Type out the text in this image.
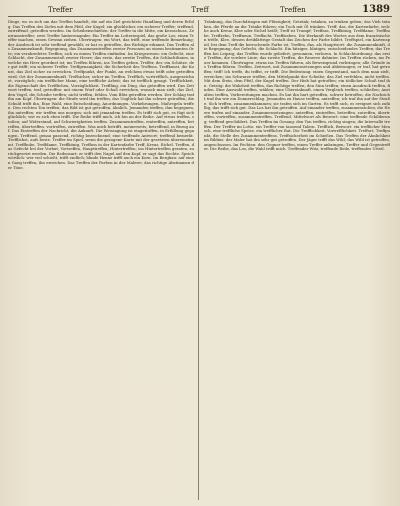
Treffer	Treff	Treffen	1389
Dinge, wo es sich um das Treffen handelt; die auf ein Ziel gerichtete Handlung und deren Erfolg. Das Treffen des Zieles mit dem Pfeil, der Kugel; ein glücklicher, ein sicherer Treffer; treffend, zutreffend, getroffen werden. Im Scheibenschießen: der Treffer in die Mitte, ein Kernschuss, Zentrumstreffer; zwei Treffer hintereinander. Ein Treffer im Lotteriespiel, das große Los; einen Treffer machen, einen Gewinn ziehen. Übertragen: ein Wort, das trifft, eine treffende Bemerkung; der Ausdruck ist sehr treffend gewählt; er hat es getroffen, das Richtige erkannt. Das Treffen als Zusammenkunft, Begegnung, das Zusammentreffen zweier Personen an einem bestimmten Orte; ein verabredetes Treffen; sich zu einem Treffen einfinden. Im Kriegswesen: ein Gefecht, eine Schlacht, der Zusammenstoß zweier Heere; das erste, das zweite Treffen, die Schlachtlinien, in welche ein Heer geordnet ist; ins Treffen führen, ins Treffen gehen. Treffer, der, ein Schütze, der gut trifft; ein sicherer Treffer. Treffgenauigkeit, die Sicherheit des Treffens. Treffkunst, die Kunst, das Ziel sicher zu erreichen. Treffpunkt, der Punkt, an welchem etwas trifft oder getroffen wird; Ort der Zusammenkunft. Treffsicher, sicher im Treffen. Trefflich, vortrefflich, ausgezeichnet, vorzüglich; ein trefflicher Mann, eine treffliche Arbeit; das ist trefflich gesagt. Trefflichkeit, die Eigenschaft des Trefflichen, Vorzüglichkeit. Treffling, ein Ding, das getroffen wird. Das Zeitwort treffen, traf, getroffen: mit einem Wurf oder Schuß erreichen, wonach man zielt; das Ziel, den Vogel, die Scheibe treffen; nicht treffen, fehlen. Vom Blitz getroffen werden. Der Schlag traf ihn am Kopf. Übertragen: die Strafe wird ihn treffen; das Unglück hat ihn schwer getroffen; die Schuld trifft ihn. Eine Wahl, eine Entscheidung, Anordnungen, Vorkehrungen, Maßregeln treffen. Den rechten Ton treffen; das Bild ist gut getroffen, ähnlich. Jemanden treffen, ihm begegnen, ihn antreffen; wir treffen uns morgen; sich mit jemandem treffen. Es trifft sich gut, es fügt sich glücklich; wie es sich eben trifft. Die Reihe trifft mich, ich bin an der Reihe. Auf etwas treffen, stoßen; auf Widerstand, auf Schwierigkeiten treffen. Zusammentreffen, eintreffen, antreffen, betreffen, übertreffen, vortreffen, zutreffen. Was mich betrifft, meinerseits; betreffend, in Bezug auf. Das Eintreffen der Nachricht, die Ankunft. Die Weissagung ist eingetroffen, in Erfüllung gegangen. Treffend, genau passend, richtig bezeichnend; eine treffende Antwort; treffend bemerkt. Trefflichst, aufs beste. Treffer im Spiel, wenn die gezogene Karte mit der gesetzten übereinstimmt. Treffbube, Treffdame, Treffkönig, Treffass in der Kartenfarbe Treff, Kreuz, Eichel. Treffen, das Gefecht bei der Vorhut; Vortreffen, Haupttreffen, Hintertreffen; ins Hintertreffen geraten, zurückgesetzt werden. Die Redensart: er trifft den Nagel auf den Kopf, er sagt das Rechte. Sprichwörtlich: wer viel schießt, trifft endlich; blinde Henne trifft auch ein Korn. Im Bergbau: auf einen Gang treffen, ihn erreichen. Das Treffen der Farben in der Malerei, das richtige Abstimmen der Töne.
Tränkung, das Durchdringen mit Flüssigkeit; Getränk; tränken, zu trinken geben; das Vieh tränken, die Pferde an die Tränke führen; ein Tuch mit Öl tränken. Treff, das, die Kartenfarbe, welche auch Kreuz, Klee oder Eichel heißt; Treff ist Trumpf; Treffass, Treffkönig, Treffdame, Treffbube, Treffzehn, Treffneun, Treffacht, Treffsieben. Die Herkunft des Wortes aus dem französischen trèfle, Klee, dessen dreiblättrige Gestalt das Zeichen der Farbe bildet. Treffspiel, ein Kartenspiel, bei dem Treff die herrschende Farbe ist. Treffen, das, als Hauptwort: die Zusammenkunft, die Begegnung; das Gefecht, die Schlacht. Ein hitziges, blutiges, entscheidendes Treffen; das Treffen bei Leipzig; das Treffen wurde geliefert, gewonnen, verloren. In Schlachtordnung: das erste Treffen, die vordere Linie; das zweite Treffen, die Reserve dahinter. Ins Treffen rücken, ins Feuer kommen. Übertragen: etwas ins Treffen führen, als Beweisgrund vorbringen; alle Gründe ins Treffen führen. Treffen, Zeitwort, mit Zusammensetzungen und Ableitungen; er traf, hat getroffen; triff! Ich treffe, du triffst, er trifft. Die Bedeutung: einen Gegenstand, nach dem man zielt, erreichen; ins Schwarze treffen, den Mittelpunkt der Scheibe; das Ziel verfehlen, nicht treffen. Mit dem Stein, dem Pfeil, der Kugel treffen. Der Hieb hat getroffen; ein tödlicher Schuß traf ihn. Geistig: die Wahrheit treffen, das Richtige treffen; den Sinn treffen; einen Ausdruck treffen, finden. Eine Auswahl treffen, wählen; eine Übereinkunft, einen Vergleich treffen, schließen; Anstalten treffen, Vorbereitungen machen. Es hat ihn hart getroffen, schwer betroffen; die Nachricht traf ihn wie ein Donnerschlag. Jemanden zu Hause treffen, antreffen; ich traf ihn auf der Straße. Sich treffen, zusammenkommen; sie trafen sich im Garten. Es trifft sich, es ereignet sich zufällig; das trifft sich gut. Das Los hat ihn getroffen. Auf einander treffen, zusammenstoßen; die Heere trafen auf einander. Zusammensetzungen: antreffen, eintreffen, betreffen, zutreffen, übertreffen, vortreffen, zusammentreffen. Treffend, Mittelwort als Beiwort: eine treffende Schilderung; treffend geschildert. Das Treffen im Gesang: den Ton treffen, richtig singen; die Intervalle treffen. Der Treffer im Lotto: ein Treffer von tausend Talern. Trefflich, Beiwort: ein trefflicher Mensch, eine treffliche Speise, ein trefflicher Rat. Die Trefflichkeit, Vortrefflichkeit. Treffort, Treffpunkt, die Stelle des Zusammentreffens. Treffsicherheit im Schießen. Das Treffen der Ähnlichkeit im Bildnis: der Maler hat ihn sehr gut getroffen. Der Jäger trifft das Wild; das Wild ist getroffen, angeschossen. Im Fechten: den Gegner treffen, einen Treffer anbringen; Treffer und Gegentreffer. Die Reihe, das Los, die Wahl trifft mich. Treffender Witz, treffende Rede, treffendes Urteil.
